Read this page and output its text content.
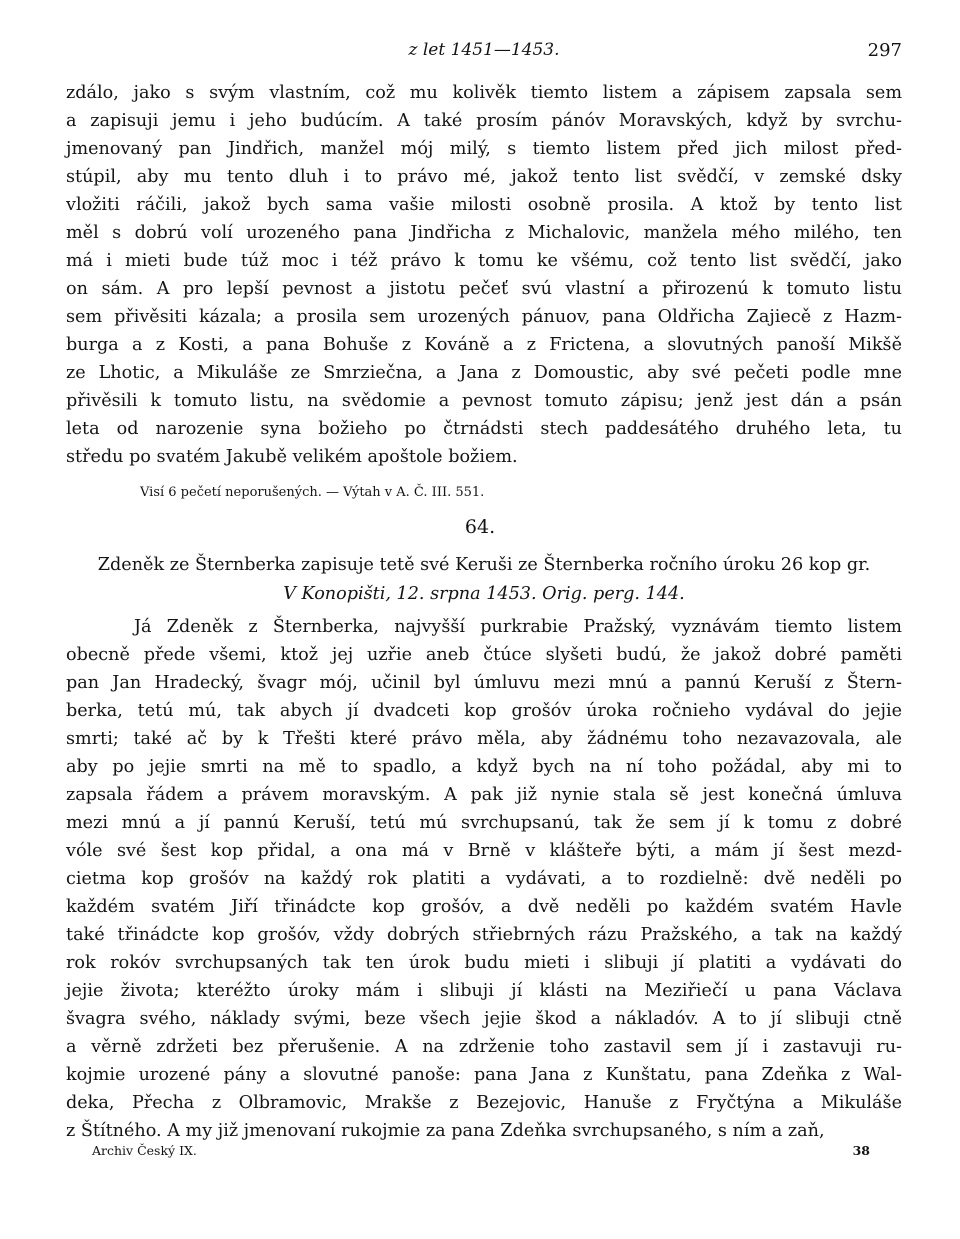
z let 1451—1453.	297
zdálo, jako s svým vlastním, což mu kolivěk tiemto listem a zápisem zapsala sem
a zapisuji jemu i jeho budúcím. A také prosím pánóv Moravských, když by svrchu-
jmenovaný pan Jindřich, manžel mój milý, s tiemto listem před jich milost před-
stúpil, aby mu tento dluh i to právo mé, jakož tento list svědčí, v zemské dsky
vložiti ráčili, jakož bych sama vašie milosti osobně prosila. A ktož by tento list
měl s dobrú volí urozeného pana Jindřicha z Michalovic, manžela mého milého, ten
má i mieti bude túž moc i též právo k tomu ke všému, což tento list svědčí, jako
on sám. A pro lepší pevnost a jistotu pečeť svú vlastní a přirozenú k tomuto listu
sem přivěsiti kázala; a prosila sem urozených pánuov, pana Oldřicha Zajiecě z Hazm-
burga a z Kosti, a pana Bohuše z Kováně a z Frictena, a slovutných panoší Mikšě
ze Lhotic, a Mikuláše ze Smrziečna, a Jana z Domoustic, aby své pečeti podle mne
přivěsili k tomuto listu, na svědomie a pevnost tomuto zápisu; jenž jest dán a psán
leta od narozenie syna božieho po čtrnádsti stech paddesátého druhého leta, tu
středu po svatém Jakubě velikém apoštole božiem.
Visí 6 pečetí neporušených. — Výtah v A. Č. III. 551.
64.
Zdeněk ze Šternberka zapisuje tetě své Keruši ze Šternberka ročního úroku 26 kop gr.
V Konopišti, 12. srpna 1453. Orig. perg. 144.
Já Zdeněk z Šternberka, najvyšší purkrabie Pražský, vyznávám tiemto listem
obecně přede všemi, ktož jej uzřie aneb čtúce slyšeti budú, že jakož dobré paměti
pan Jan Hradecký, švagr mój, učinil byl úmluvu mezi mnú a pannú Keruší z Štern-
berka, tetú mú, tak abych jí dvadceti kop grošóv úroka ročnieho vydával do jejie
smrti; také ač by k Třešti které právo měla, aby žádnému toho nezavazovala, ale
aby po jejie smrti na mě to spadlo, a když bych na ní toho požádal, aby mi to
zapsala řádem a právem moravským. A pak již nynie stala sě jest konečná úmluva
mezi mnú a jí pannú Keruší, tetú mú svrchupsanú, tak že sem jí k tomu z dobré
vóle své šest kop přidal, a ona má v Brně v klášteře býti, a mám jí šest mezd-
cietma kop grošóv na každý rok platiti a vydávati, a to rozdielně: dvě neděli po
každém svatém Jiří třinádcte kop grošóv, a dvě neděli po každém svatém Havle
také třinádcte kop grošóv, vždy dobrých střiebrných rázu Pražského, a tak na každý
rok rokóv svrchupsaných tak ten úrok budu mieti i slibuji jí platiti a vydávati do
jejie života; kteréžto úroky mám i slibuji jí klásti na Meziřiečí u pana Václava
švagra svého, náklady svými, beze všech jejie škod a nákladóv. A to jí slibuji ctně
a věrně zdržeti bez přerušenie. A na zdrženie toho zastavil sem jí i zastavuji ru-
kojmie urozené pány a slovutné panoše: pana Jana z Kunštatu, pana Zdeňka z Wal-
deka, Přecha z Olbramovic, Mrakše z Bezejovic, Hanuše z Fryčtýna a Mikuláše
z Štítného. A my již jmenovaní rukojmie za pana Zdeňka svrchupsaného, s ním a zaň,
Archiv Český IX.	38
